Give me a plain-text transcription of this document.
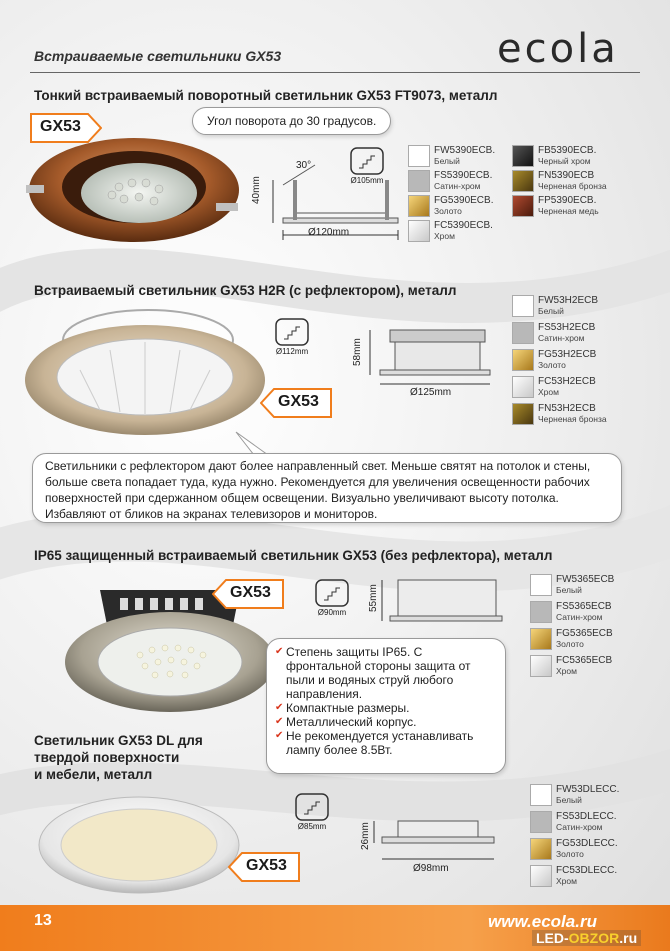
Встраиваемые светильники GX53	ecola
Тонкий встраиваемый поворотный светильник GX53 FT9073, металл
GX53	Угол поворота до 30 градусов.
Ø105mm
30°
40mm
Ø120mm
FW5390ECB.
Белый
FS5390ECB.
Сатин-хром
FG5390ECB.
Золото
FC5390ECB.
Хром
FB5390ECB.
Черный хром
FN5390ECB
Черненая бронза
FP5390ECB.
Черненая медь
Встраиваемый светильник GX53 H2R (с рефлектором), металл
GX53
Ø112mm	58mm
Ø125mm
FW53H2ECB
Белый
FS53H2ECB
Сатин-хром
FG53H2ECB
Золото
FC53H2ECB
Хром
FN53H2ECB
Черненая бронза
Светильники с рефлектором дают более направленный свет. Меньше святят на потолок и стены, больше света попадает туда, куда нужно. Рекомендуется для увеличения освещенности рабочих поверхностей при сдержанном общем освещении. Визуально увеличивают высоту потолка. Избавляют от бликов на экранах телевизоров и мониторов.
IP65 защищенный встраиваемый светильник GX53 (без рефлектора), металл
GX53
Ø90mm
55mm
FW5365ECB
Белый
FS5365ECB
Сатин-хром
FG5365ECB
Золото
FC5365ECB
Хром
✔ Степень защиты IP65. С фронтальной стороны защита от пыли и водяных струй любого направления.
✔ Компактные размеры.
✔ Металлический корпус.
✔ Не рекомендуется устанавливать лампу более 8.5Вт.
Светильник GX53 DL для
твердой поверхности
и мебели, металл
GX53
Ø85mm	26mm
Ø98mm
FW53DLECC.
Белый
FS53DLECC.
Сатин-хром
FG53DLECC.
Золото
FC53DLECC.
Хром
13	www.ecola.ru
LED-OBZOR.ru
